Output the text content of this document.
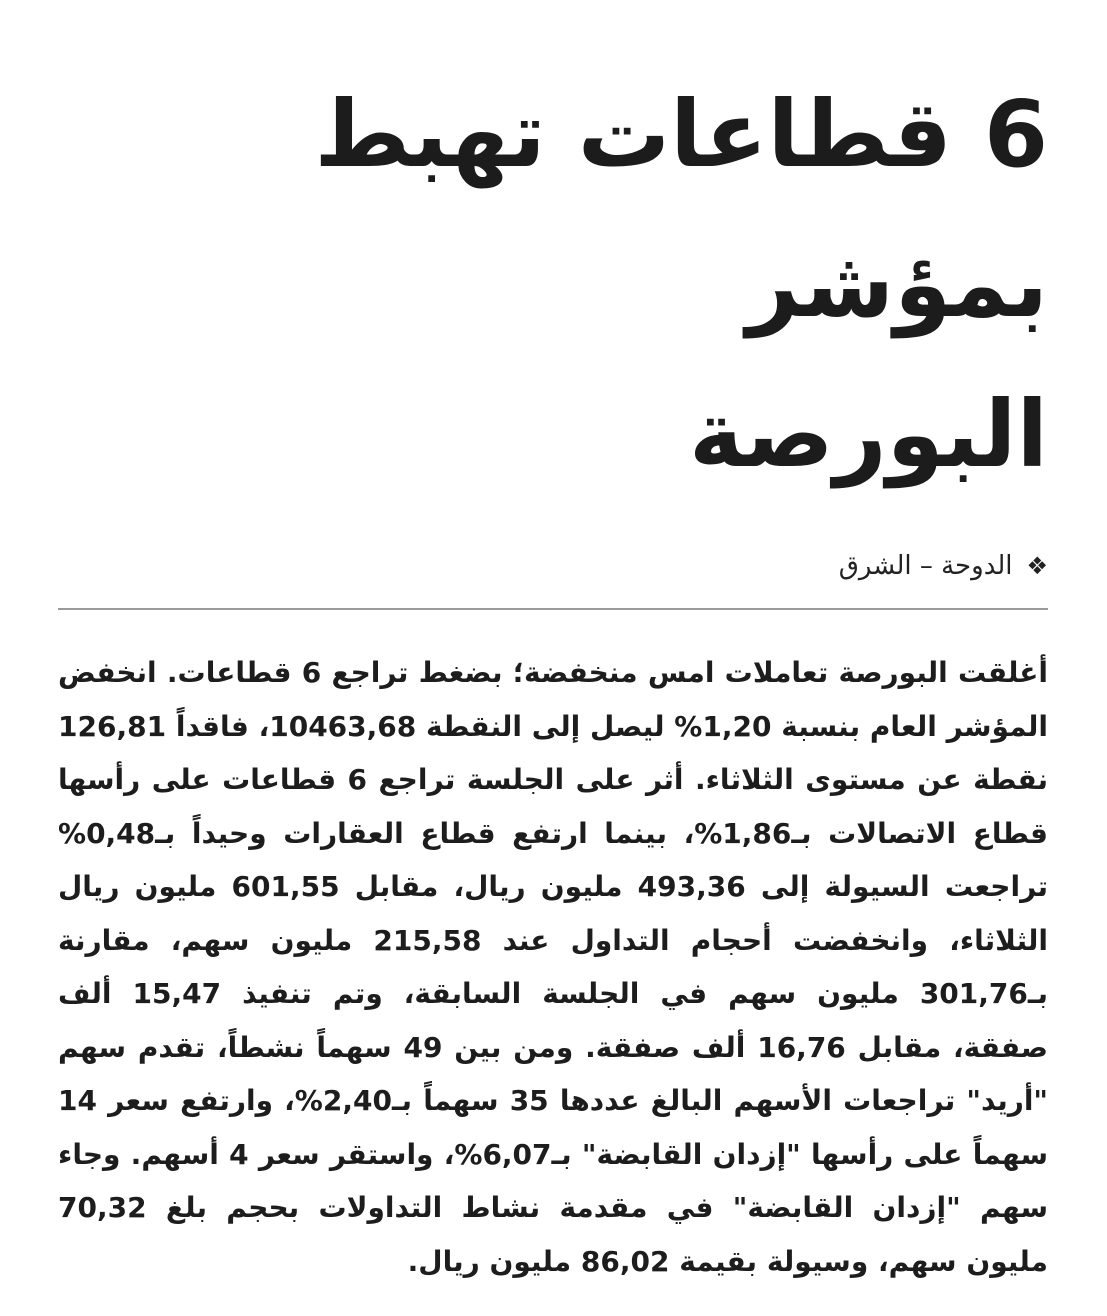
6 قطاعات تهبط بمؤشر
البورصة
❖
الدوحة – الشرق

أغلقت البورصة تعاملات امس منخفضة؛ بضغط تراجع 6 قطاعات. انخفض المؤشر العام بنسبة 1,20% ليصل إلى النقطة 10463,68، فاقداً 126,81 نقطة عن مستوى الثلاثاء. أثر على الجلسة تراجع 6 قطاعات على رأسها قطاع الاتصالات بـ1,86%، بينما ارتفع قطاع العقارات وحيداً بـ0,48% تراجعت السيولة إلى 493,36 مليون ريال، مقابل 601,55 مليون ريال الثلاثاء، وانخفضت أحجام التداول عند 215,58 مليون سهم، مقارنة بـ301,76 مليون سهم في الجلسة السابقة، وتم تنفيذ 15,47 ألف صفقة، مقابل 16,76 ألف صفقة. ومن بين 49 سهماً نشطاً، تقدم سهم "أريد" تراجعات الأسهم البالغ عددها 35 سهماً بـ2,40%، وارتفع سعر 14 سهماً على رأسها "إزدان القابضة" بـ6,07%، واستقر سعر 4 أسهم. وجاء سهم "إزدان القابضة" في مقدمة نشاط التداولات بحجم بلغ 70,32 مليون سهم، وسيولة بقيمة 86,02 مليون ريال.
